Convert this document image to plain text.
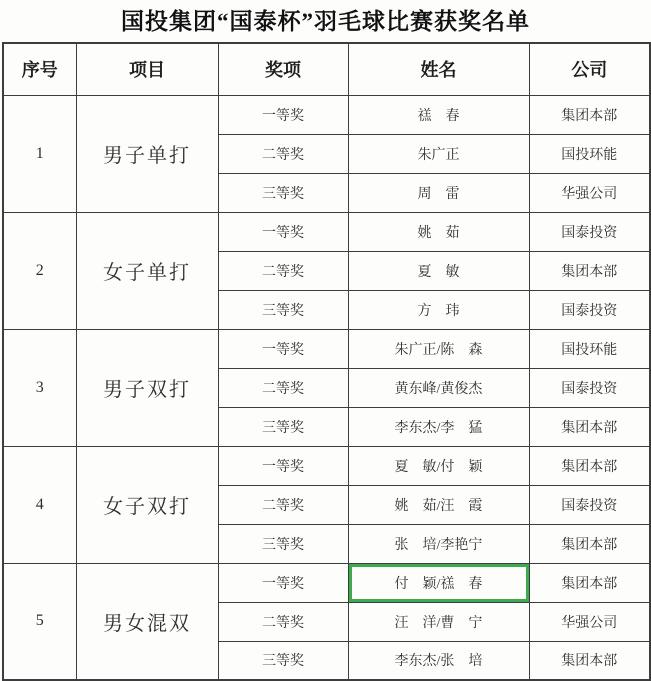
国投集团“国泰杯”羽毛球比赛获奖名单
序号	项目	奖项	姓名	公司
1	男子单打	一等奖	禚　春	集团本部
		二等奖	朱广正	国投环能
		三等奖	周　雷	华强公司
2	女子单打	一等奖	姚　茹	国泰投资
		二等奖	夏　敏	集团本部
		三等奖	方　玮	国泰投资
3	男子双打	一等奖	朱广正/陈　森	国投环能
		二等奖	黄东峰/黄俊杰	国泰投资
		三等奖	李东杰/李　猛	集团本部
4	女子双打	一等奖	夏　敏/付　颖	集团本部
		二等奖	姚　茹/汪　霞	国泰投资
		三等奖	张　培/李艳宁	集团本部
5	男女混双	一等奖	付　颖/禚　春	集团本部
		二等奖	汪　洋/曹　宁	华强公司
		三等奖	李东杰/张　培	集团本部
